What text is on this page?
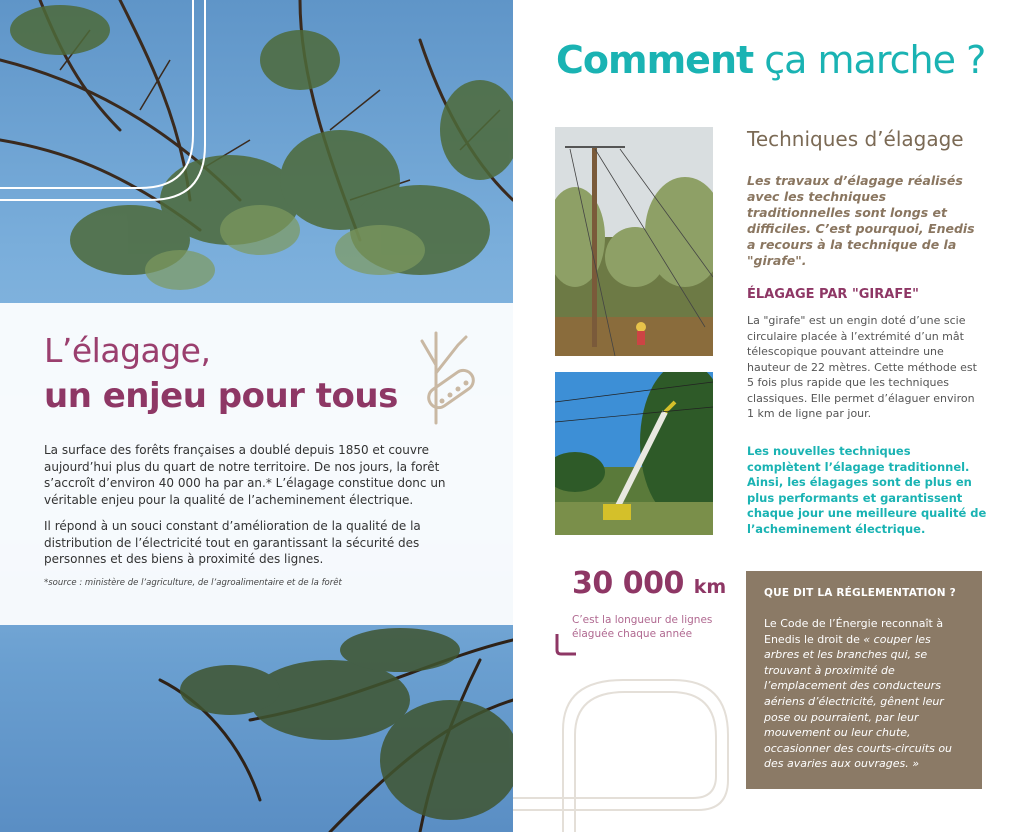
L’élagage,
un enjeu pour tous
La surface des forêts françaises a doublé depuis 1850 et couvre aujourd’hui plus du quart de notre territoire. De nos jours, la forêt s’accroît d’environ 40 000 ha par an.* L’élagage constitue donc un véritable enjeu pour la qualité de l’acheminement électrique.
Il répond à un souci constant d’amélioration de la qualité de la distribution de l’électricité tout en garantissant la sécurité des personnes et des biens à proximité des lignes.
*source : ministère de l’agriculture, de l’agroalimentaire et de la forêt
Comment ça marche ?
Techniques d’élagage
Les travaux d’élagage réalisés avec les techniques traditionnelles sont longs et difficiles. C’est pourquoi, Enedis a recours à la technique de la "girafe".
ÉLAGAGE PAR "GIRAFE"
La "girafe" est un engin doté d’une scie circulaire placée à l’extrémité d’un mât télescopique pouvant atteindre une hauteur de 22 mètres. Cette méthode est 5 fois plus rapide que les techniques classiques. Elle permet d’élaguer environ 1 km de ligne par jour.
Les nouvelles techniques complètent l’élagage traditionnel. Ainsi, les élagages sont de plus en plus performants et garantissent chaque jour une meilleure qualité de l’acheminement électrique.
30 000 km
C’est la longueur de lignes élaguée chaque année
QUE DIT LA RÉGLEMENTATION ?
Le Code de l’Énergie reconnaît à Enedis le droit de « couper les arbres et les branches qui, se trouvant à proximité de l’emplacement des conducteurs aériens d’électricité, gênent leur pose ou pourraient, par leur mouvement ou leur chute, occasionner des courts-circuits ou des avaries aux ouvrages. »
